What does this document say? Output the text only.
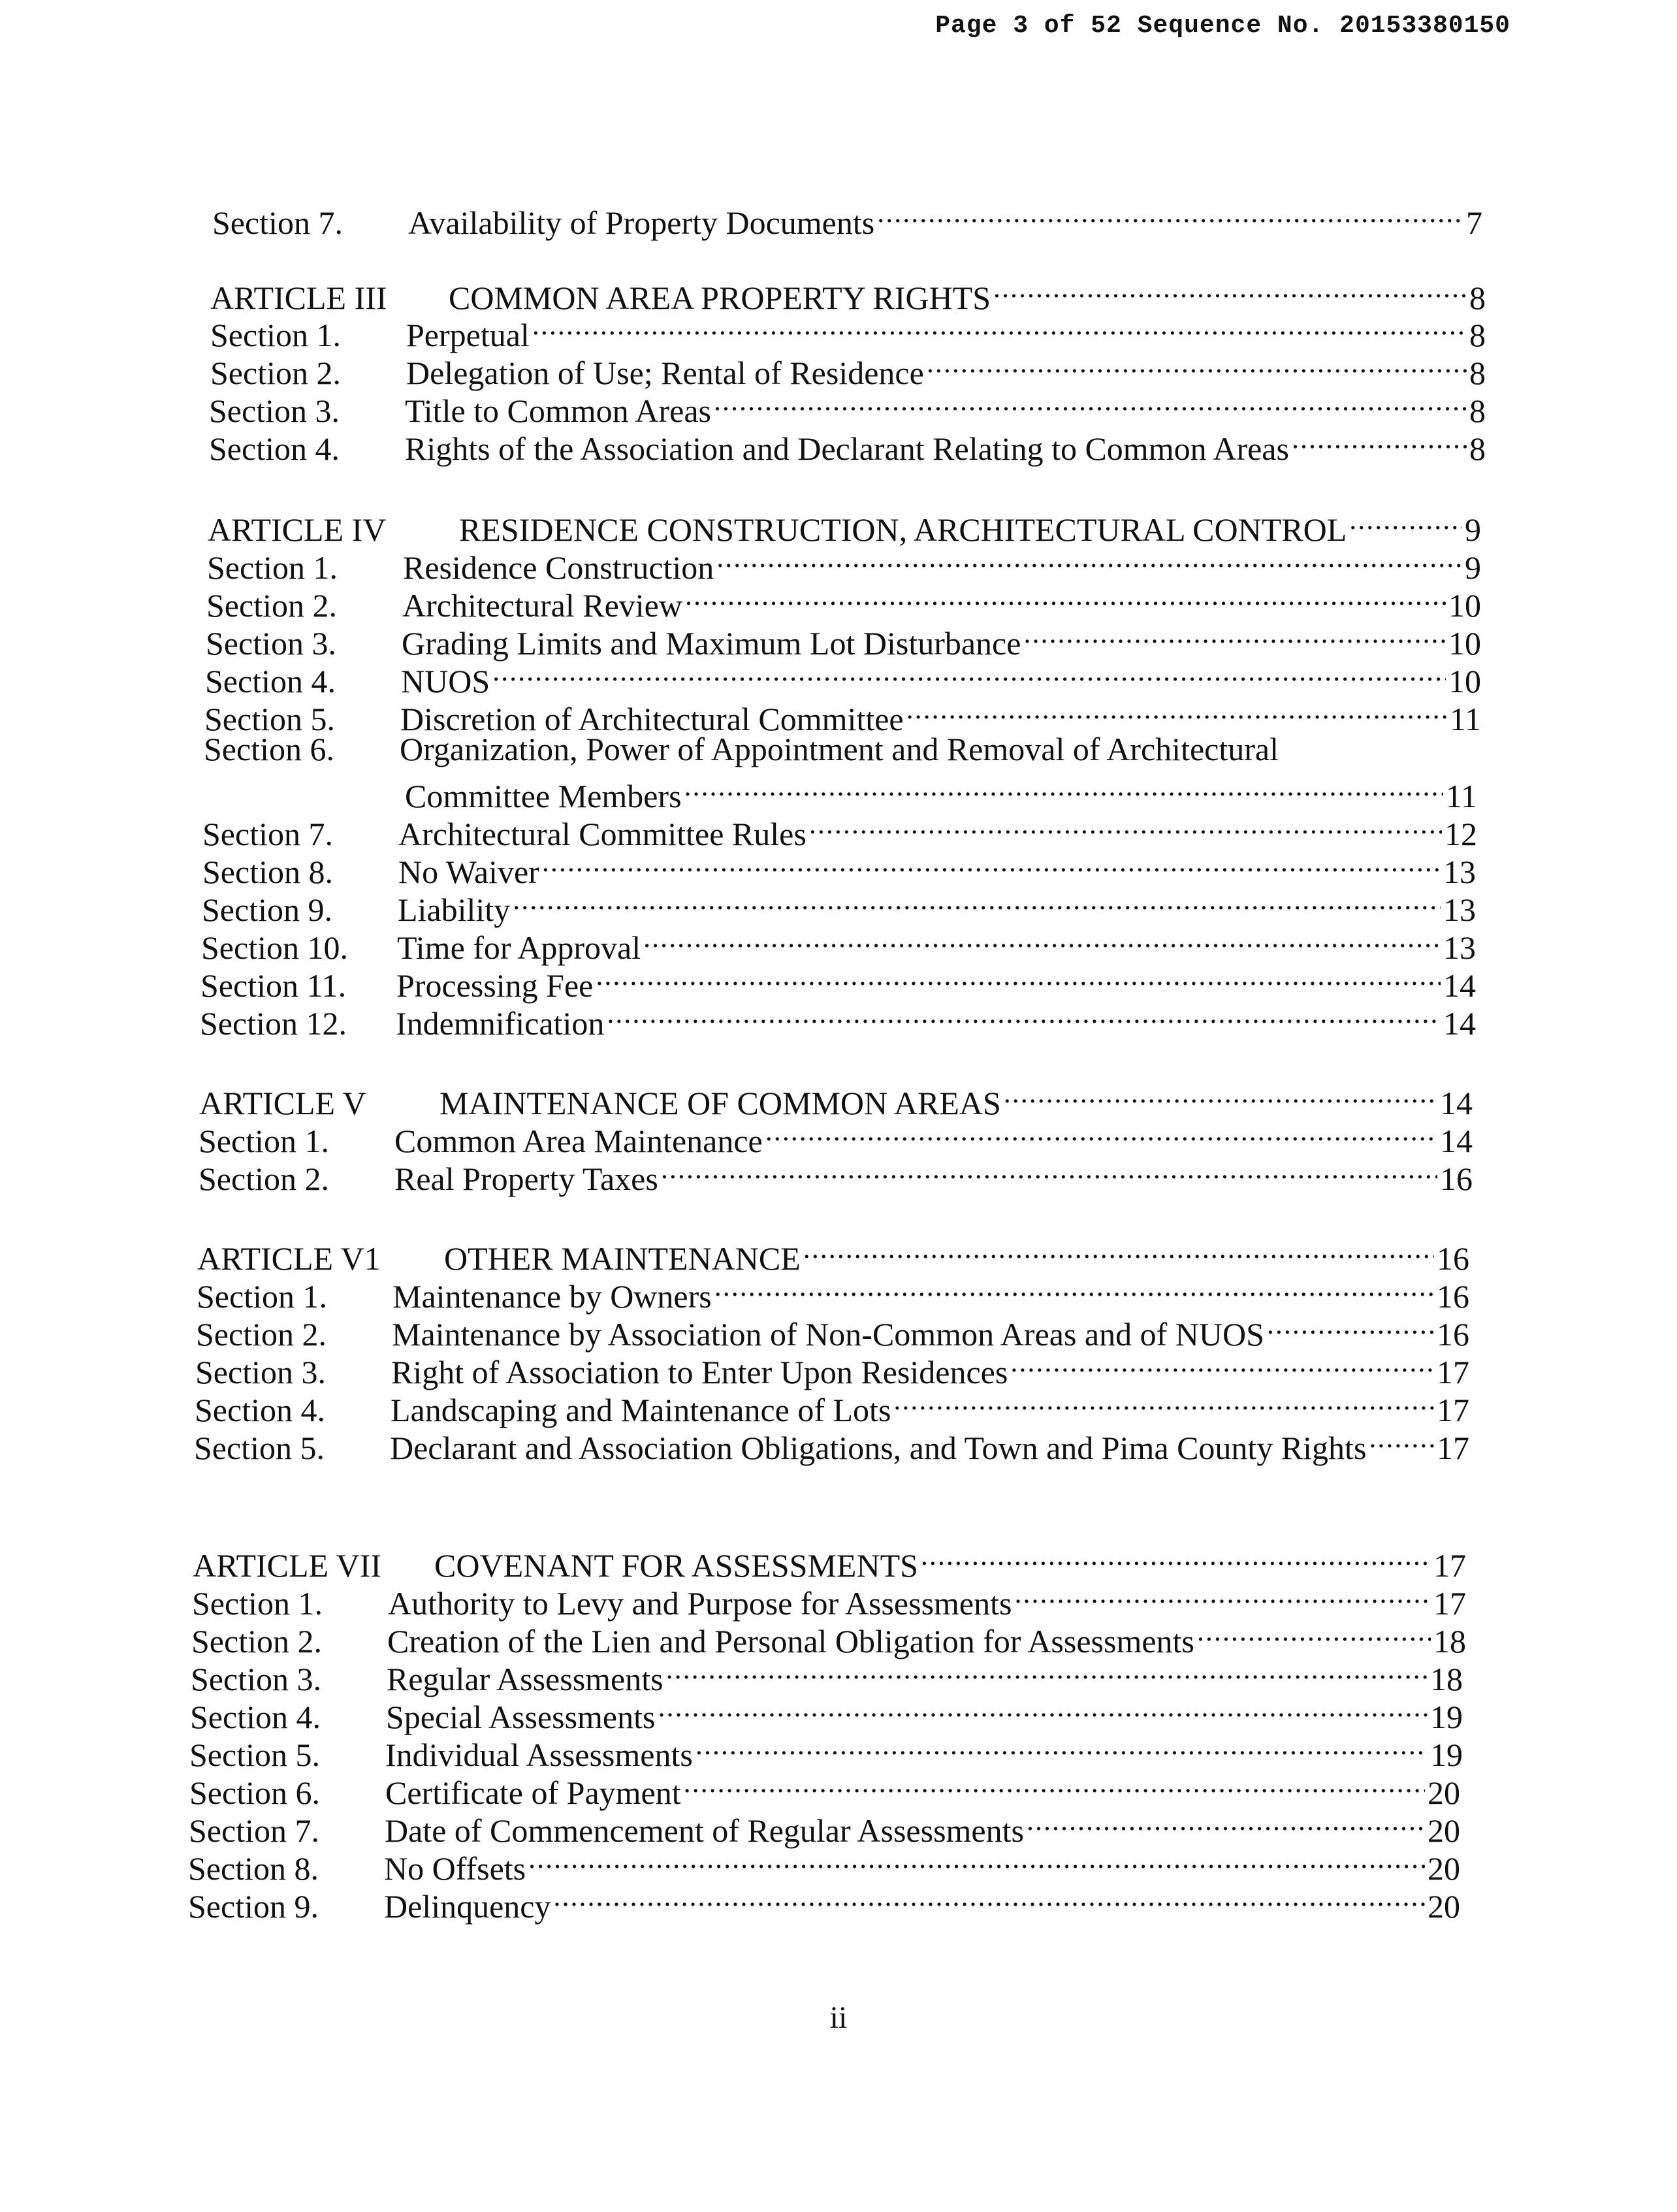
Page 3 of 52 Sequence No. 20153380150
Section 7.	Availability of Property Documents .....	7
ARTICLE III	COMMON AREA PROPERTY RIGHTS .....	8
Section 1.	Perpetual .....	8
Section 2.	Delegation of Use; Rental of Residence .....	8
Section 3.	Title to Common Areas .....	8
Section 4.	Rights of the Association and Declarant Relating to Common Areas .....	8
ARTICLE IV	RESIDENCE CONSTRUCTION, ARCHITECTURAL CONTROL .....	9
Section 1.	Residence Construction .....	9
Section 2.	Architectural Review .....	10
Section 3.	Grading Limits and Maximum Lot Disturbance .....	10
Section 4.	NUOS .....	10
Section 5.	Discretion of Architectural Committee .....	11
Section 6.	Organization, Power of Appointment and Removal of Architectural
Committee Members .....	11
Section 7.	Architectural Committee Rules .....	12
Section 8.	No Waiver .....	13
Section 9.	Liability .....	13
Section 10.	Time for Approval .....	13
Section 11.	Processing Fee .....	14
Section 12.	Indemnification .....	14
ARTICLE V	MAINTENANCE OF COMMON AREAS .....	14
Section 1.	Common Area Maintenance .....	14
Section 2.	Real Property Taxes .....	16
ARTICLE V1	OTHER MAINTENANCE .....	16
Section 1.	Maintenance by Owners .....	16
Section 2.	Maintenance by Association of Non-Common Areas and of NUOS .....	16
Section 3.	Right of Association to Enter Upon Residences .....	17
Section 4.	Landscaping and Maintenance of Lots .....	17
Section 5.	Declarant and Association Obligations, and Town and Pima County Rights ..... 17
ARTICLE VII	COVENANT FOR ASSESSMENTS .....	17
Section 1.	Authority to Levy and Purpose for Assessments .....	17
Section 2.	Creation of the Lien and Personal Obligation for Assessments .....	18
Section 3.	Regular Assessments .....	18
Section 4.	Special Assessments .....	19
Section 5.	Individual Assessments .....	19
Section 6.	Certificate of Payment .....	20
Section 7.	Date of Commencement of Regular Assessments .....	20
Section 8.	No Offsets .....	20
Section 9.	Delinquency .....	20
ii
